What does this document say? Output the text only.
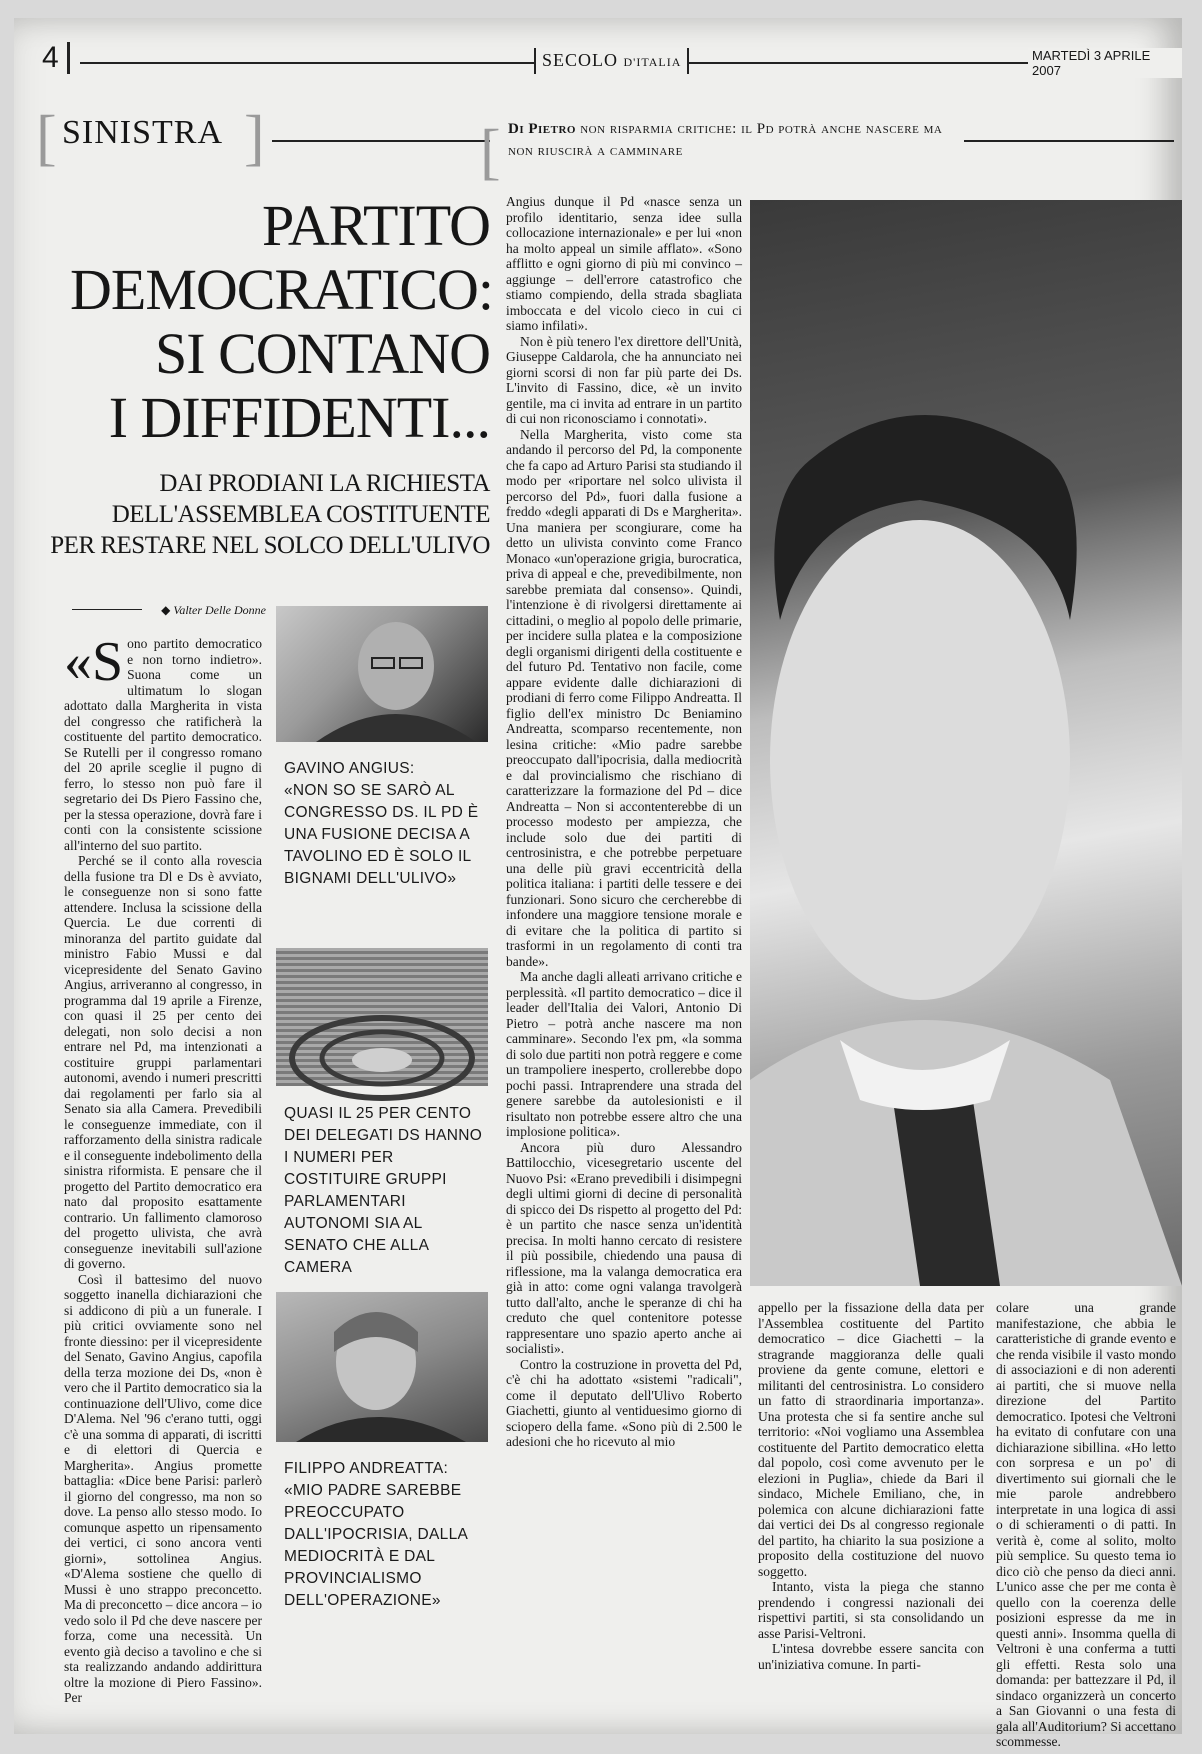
4	SECOLO D'ITALIA	MARTEDÌ 3 APRILE 2007
[ SINISTRA ]	[ Di Pietro non risparmia critiche: il Pd potrà anche nascere ma non riuscirà a camminare
PARTITO
DEMOCRATICO:
SI CONTANO
I DIFFIDENTI...
DAI PRODIANI LA RICHIESTA
DELL'ASSEMBLEA COSTITUENTE
PER RESTARE NEL SOLCO DELL'ULIVO
◆ Valter Delle Donne

«Sono partito democratico e non torno indietro». Suona come un ultimatum lo slogan adottato dalla Margherita in vista del congresso che ratificherà la costituente del partito democratico. Se Rutelli per il congresso romano del 20 aprile sceglie il pugno di ferro, lo stesso non può fare il segretario dei Ds Piero Fassino che, per la stessa operazione, dovrà fare i conti con la consistente scissione all'interno del suo partito.

Perché se il conto alla rovescia della fusione tra Dl e Ds è avviato, le conseguenze non si sono fatte attendere. Inclusa la scissione della Quercia. Le due correnti di minoranza del partito guidate dal ministro Fabio Mussi e dal vicepresidente del Senato Gavino Angius, arriveranno al congresso, in programma dal 19 aprile a Firenze, con quasi il 25 per cento dei delegati, non solo decisi a non entrare nel Pd, ma intenzionati a costituire gruppi parlamentari autonomi, avendo i numeri prescritti dai regolamenti per farlo sia al Senato sia alla Camera. Prevedibili le conseguenze immediate, con il rafforzamento della sinistra radicale e il conseguente indebolimento della sinistra riformista. E pensare che il progetto del Partito democratico era nato dal proposito esattamente contrario. Un fallimento clamoroso del progetto ulivista, che avrà conseguenze inevitabili sull'azione di governo.

Così il battesimo del nuovo soggetto inanella dichiarazioni che si addicono di più a un funerale. I più critici ovviamente sono nel fronte diessino: per il vicepresidente del Senato, Gavino Angius, capofila della terza mozione dei Ds, «non è vero che il Partito democratico sia la continuazione dell'Ulivo, come dice D'Alema. Nel '96 c'erano tutti, oggi c'è una somma di apparati, di iscritti e di elettori di Quercia e Margherita». Angius promette battaglia: «Dice bene Parisi: parlerò il giorno del congresso, ma non so dove. La penso allo stesso modo. Io comunque aspetto un ripensamento dei vertici, ci sono ancora venti giorni», sottolinea Angius. «D'Alema sostiene che quello di Mussi è uno strappo preconcetto. Ma di preconcetto – dice ancora – io vedo solo il Pd che deve nascere per forza, come una necessità. Un evento già deciso a tavolino e che si sta realizzando andando addirittura oltre la mozione di Piero Fassino». Per

GAVINO ANGIUS:
«NON SO SE SARÒ AL CONGRESSO DS. IL PD È UNA FUSIONE DECISA A TAVOLINO ED È SOLO IL BIGNAMI DELL'ULIVO»
QUASI IL 25 PER CENTO DEI DELEGATI DS HANNO I NUMERI PER COSTITUIRE GRUPPI PARLAMENTARI AUTONOMI SIA AL SENATO CHE ALLA CAMERA
FILIPPO ANDREATTA:
«MIO PADRE SAREBBE PREOCCUPATO DALL'IPOCRISIA, DALLA MEDIOCRITÀ E DAL PROVINCIALISMO DELL'OPERAZIONE»

Angius dunque il Pd «nasce senza un profilo identitario, senza idee sulla collocazione internazionale» e per lui «non ha molto appeal un simile afflato». «Sono afflitto e ogni giorno di più mi convinco – aggiunge – dell'errore catastrofico che stiamo compiendo, della strada sbagliata imboccata e del vicolo cieco in cui ci siamo infilati».

Non è più tenero l'ex direttore dell'Unità, Giuseppe Caldarola, che ha annunciato nei giorni scorsi di non far più parte dei Ds. L'invito di Fassino, dice, «è un invito gentile, ma ci invita ad entrare in un partito di cui non riconosciamo i connotati».

Nella Margherita, visto come sta andando il percorso del Pd, la componente che fa capo ad Arturo Parisi sta studiando il modo per «riportare nel solco ulivista il percorso del Pd», fuori dalla fusione a freddo «degli apparati di Ds e Margherita». Una maniera per scongiurare, come ha detto un ulivista convinto come Franco Monaco «un'operazione grigia, burocratica, priva di appeal e che, prevedibilmente, non sarebbe premiata dal consenso». Quindi, l'intenzione è di rivolgersi direttamente ai cittadini, o meglio al popolo delle primarie, per incidere sulla platea e la composizione degli organismi dirigenti della costituente e del futuro Pd. Tentativo non facile, come appare evidente dalle dichiarazioni di prodiani di ferro come Filippo Andreatta. Il figlio dell'ex ministro Dc Beniamino Andreatta, scomparso recentemente, non lesina critiche: «Mio padre sarebbe preoccupato dall'ipocrisia, dalla mediocrità e dal provincialismo che rischiano di caratterizzare la formazione del Pd – dice Andreatta – Non si accontenterebbe di un processo modesto per ampiezza, che include solo due dei partiti di centrosinistra, e che potrebbe perpetuare una delle più gravi eccentricità della politica italiana: i partiti delle tessere e dei funzionari. Sono sicuro che cercherebbe di infondere una maggiore tensione morale e di evitare che la politica di partito si trasformi in un regolamento di conti tra bande».

Ma anche dagli alleati arrivano critiche e perplessità. «Il partito democratico – dice il leader dell'Italia dei Valori, Antonio Di Pietro – potrà anche nascere ma non camminare». Secondo l'ex pm, «la somma di solo due partiti non potrà reggere e come un trampoliere inesperto, crollerebbe dopo pochi passi. Intraprendere una strada del genere sarebbe da autolesionisti e il risultato non potrebbe essere altro che una implosione politica».

Ancora più duro Alessandro Battilocchio, vicesegretario uscente del Nuovo Psi: «Erano prevedibili i disimpegni degli ultimi giorni di decine di personalità di spicco dei Ds rispetto al progetto del Pd: è un partito che nasce senza un'identità precisa. In molti hanno cercato di resistere il più possibile, chiedendo una pausa di riflessione, ma la valanga democratica era già in atto: come ogni valanga travolgerà tutto dall'alto, anche le speranze di chi ha creduto che quel contenitore potesse rappresentare uno spazio aperto anche ai socialisti».

Contro la costruzione in provetta del Pd, c'è chi ha adottato «sistemi "radicali", come il deputato dell'Ulivo Roberto Giachetti, giunto al ventiduesimo giorno di sciopero della fame. «Sono più di 2.500 le adesioni che ho ricevuto al mio

appello per la fissazione della data per l'Assemblea costituente del Partito democratico – dice Giachetti – la stragrande maggioranza delle quali proviene da gente comune, elettori e militanti del centrosinistra. Lo considero un fatto di straordinaria importanza». Una protesta che si fa sentire anche sul territorio: «Noi vogliamo una Assemblea costituente del Partito democratico eletta dal popolo, così come avvenuto per le elezioni in Puglia», chiede da Bari il sindaco, Michele Emiliano, che, in polemica con alcune dichiarazioni fatte dai vertici dei Ds al congresso regionale del partito, ha chiarito la sua posizione a proposito della costituzione del nuovo soggetto.

Intanto, vista la piega che stanno prendendo i congressi nazionali dei rispettivi partiti, si sta consolidando un asse Parisi-Veltroni.

L'intesa dovrebbe essere sancita con un'iniziativa comune. In parti-

colare una grande manifestazione, che abbia le caratteristiche di grande evento e che renda visibile il vasto mondo di associazioni e di non aderenti ai partiti, che si muove nella direzione del Partito democratico. Ipotesi che Veltroni ha evitato di confutare con una dichiarazione sibillina. «Ho letto con sorpresa e un po' di divertimento sui giornali che le mie parole andrebbero interpretate in una logica di assi o di schieramenti o di patti. In verità è, come al solito, molto più semplice. Su questo tema io dico ciò che penso da dieci anni. L'unico asse che per me conta è quello con la coerenza delle posizioni espresse da me in questi anni». Insomma quella di Veltroni è una conferma a tutti gli effetti. Resta solo una domanda: per battezzare il Pd, il sindaco organizzerà un concerto a San Giovanni o una festa di gala all'Auditorium? Si accettano scommesse.
